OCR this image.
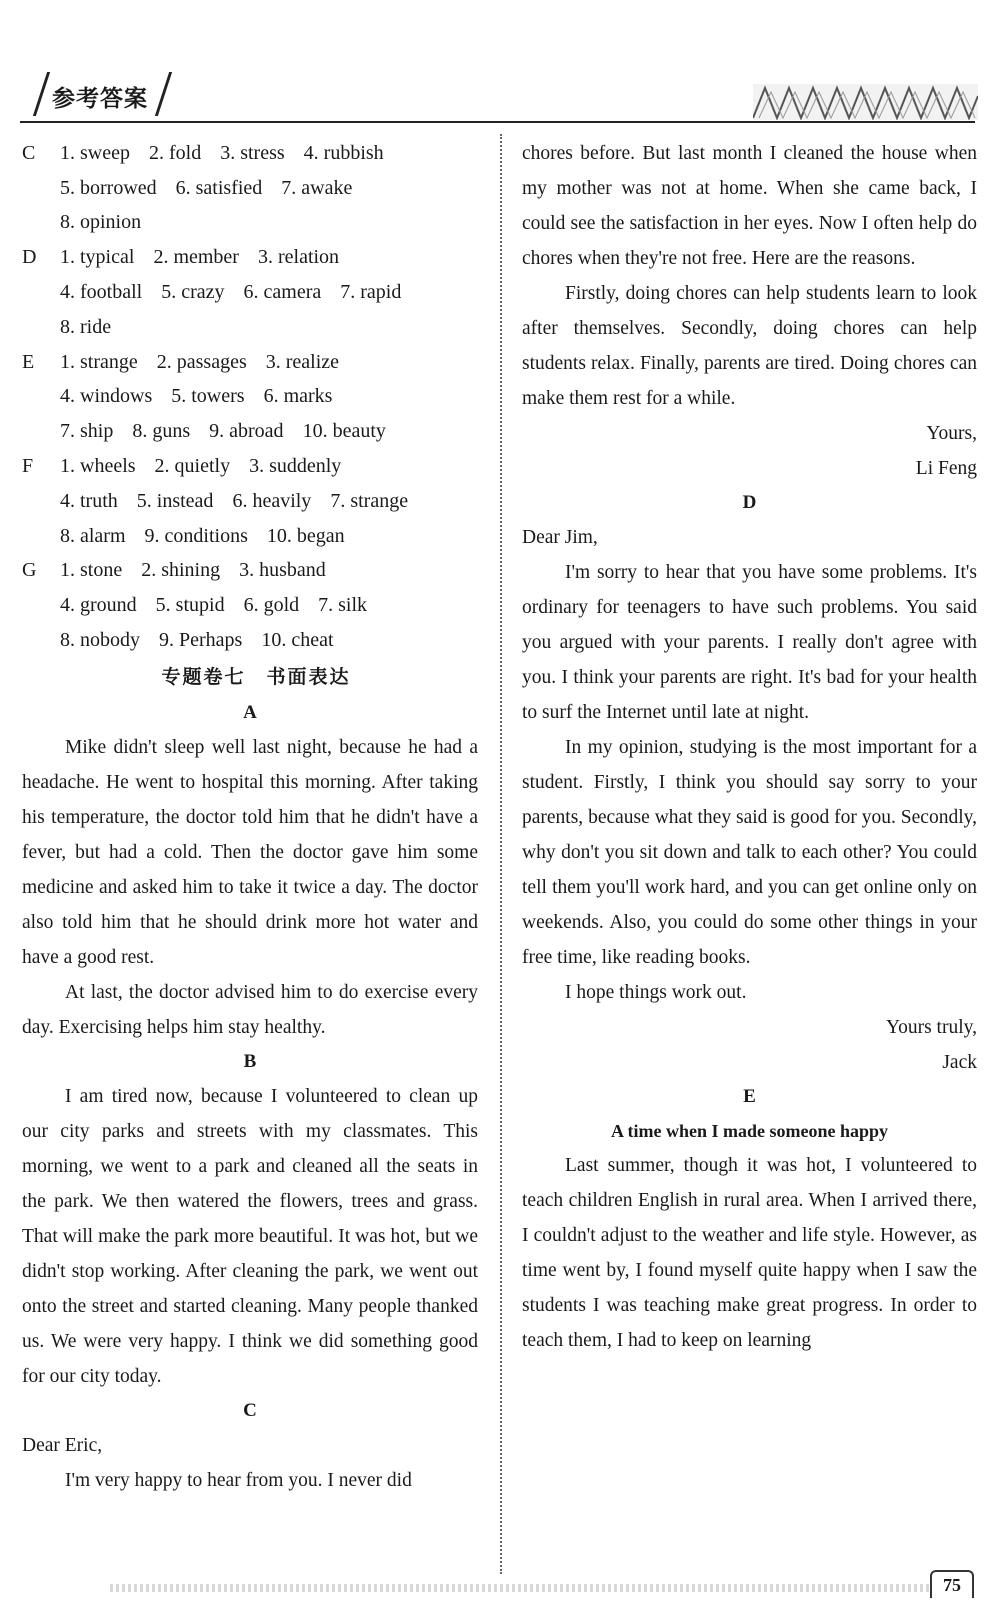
参考答案
C	1. sweep 2. fold 3. stress 4. rubbish
5. borrowed 6. satisfied 7. awake
8. opinion
D	1. typical 2. member 3. relation
4. football 5. crazy 6. camera 7. rapid
8. ride
E	1. strange 2. passages 3. realize
4. windows 5. towers 6. marks
7. ship 8. guns 9. abroad 10. beauty
F	1. wheels 2. quietly 3. suddenly
4. truth 5. instead 6. heavily 7. strange
8. alarm 9. conditions 10. began
G	1. stone 2. shining 3. husband
4. ground 5. stupid 6. gold 7. silk
8. nobody 9. Perhaps 10. cheat
专题卷七　书面表达
A

Mike didn't sleep well last night, because he had a headache. He went to hospital this morning. After taking his temperature, the doctor told him that he didn't have a fever, but had a cold. Then the doctor gave him some medicine and asked him to take it twice a day. The doctor also told him that he should drink more hot water and have a good rest.

At last, the doctor advised him to do exercise every day. Exercising helps him stay healthy.

B

I am tired now, because I volunteered to clean up our city parks and streets with my classmates. This morning, we went to a park and cleaned all the seats in the park. We then watered the flowers, trees and grass. That will make the park more beautiful. It was hot, but we didn't stop working. After cleaning the park, we went out onto the street and started cleaning. Many people thanked us. We were very happy. I think we did something good for our city today.

C
Dear Eric,

I'm very happy to hear from you. I never did

chores before. But last month I cleaned the house when my mother was not at home. When she came back, I could see the satisfaction in her eyes. Now I often help do chores when they're not free. Here are the reasons.

Firstly, doing chores can help students learn to look after themselves. Secondly, doing chores can help students relax. Finally, parents are tired. Doing chores can make them rest for a while.

Yours,
Li Feng
D
Dear Jim,

I'm sorry to hear that you have some problems. It's ordinary for teenagers to have such problems. You said you argued with your parents. I really don't agree with you. I think your parents are right. It's bad for your health to surf the Internet until late at night.

In my opinion, studying is the most important for a student. Firstly, I think you should say sorry to your parents, because what they said is good for you. Secondly, why don't you sit down and talk to each other? You could tell them you'll work hard, and you can get online only on weekends. Also, you could do some other things in your free time, like reading books.

I hope things work out.

Yours truly,
Jack
E
A time when I made someone happy

Last summer, though it was hot, I volunteered to teach children English in rural area. When I arrived there, I couldn't adjust to the weather and life style. However, as time went by, I found myself quite happy when I saw the students I was teaching make great progress. In order to teach them, I had to keep on learning

75
